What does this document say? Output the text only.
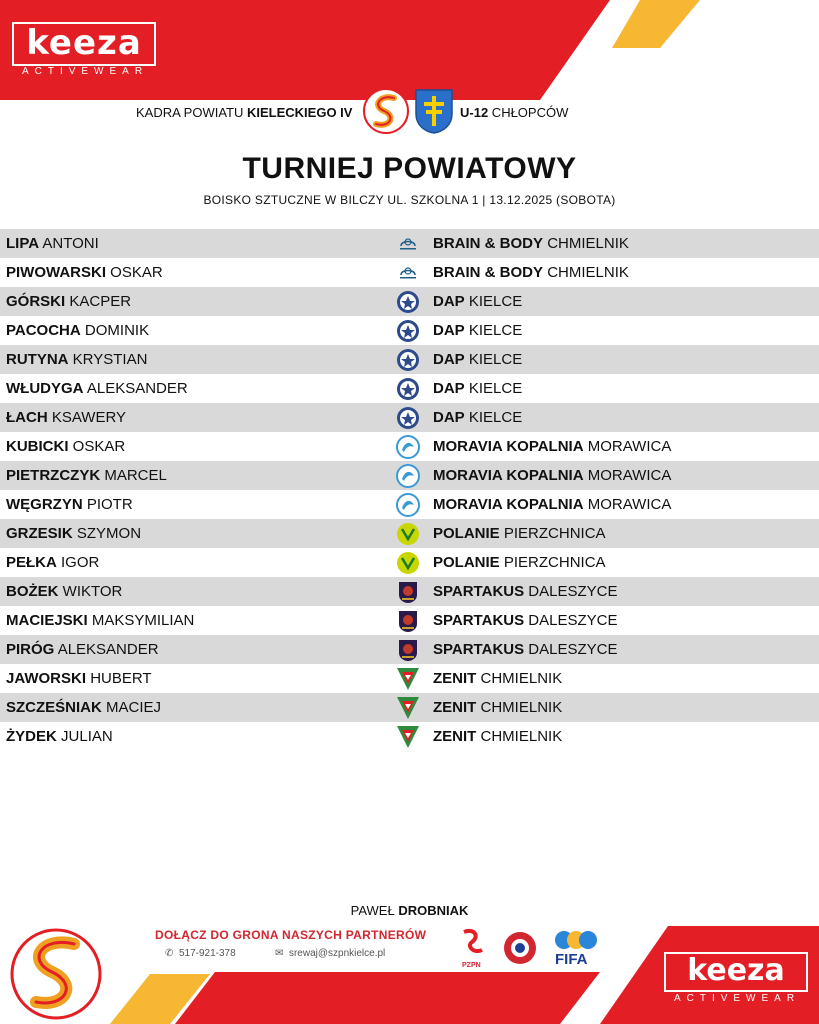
keeza
ACTIVEWEAR
KADRA POWIATU KIELECKIEGO IV	U-12 CHŁOPCÓW
TURNIEJ POWIATOWY
BOISKO SZTUCZNE W BILCZY UL. SZKOLNA 1 | 13.12.2025 (SOBOTA)
LIPA ANTONI	BRAIN & BODY CHMIELNIK
PIWOWARSKI OSKAR	BRAIN & BODY CHMIELNIK
GÓRSKI KACPER	DAP KIELCE
PACOCHA DOMINIK	DAP KIELCE
RUTYNA KRYSTIAN	DAP KIELCE
WŁUDYGA ALEKSANDER	DAP KIELCE
ŁACH KSAWERY	DAP KIELCE
KUBICKI OSKAR	MORAVIA KOPALNIA MORAWICA
PIETRZCZYK MARCEL	MORAVIA KOPALNIA MORAWICA
WĘGRZYN PIOTR	MORAVIA KOPALNIA MORAWICA
GRZESIK SZYMON	POLANIE PIERZCHNICA
PEŁKA IGOR	POLANIE PIERZCHNICA
BOŻEK WIKTOR	SPARTAKUS DALESZYCE
MACIEJSKI MAKSYMILIAN	SPARTAKUS DALESZYCE
PIRÓG ALEKSANDER	SPARTAKUS DALESZYCE
JAWORSKI HUBERT	ZENIT CHMIELNIK
SZCZEŚNIAK MACIEJ	ZENIT CHMIELNIK
ŻYDEK JULIAN	ZENIT CHMIELNIK
PAWEŁ DROBNIAK
DOŁĄCZ DO GRONA NASZYCH PARTNERÓW
✆ 517-921-378	✉ srewaj@szpnkielce.pl
PZPN	FIFA	keeza
ACTIVEWEAR
